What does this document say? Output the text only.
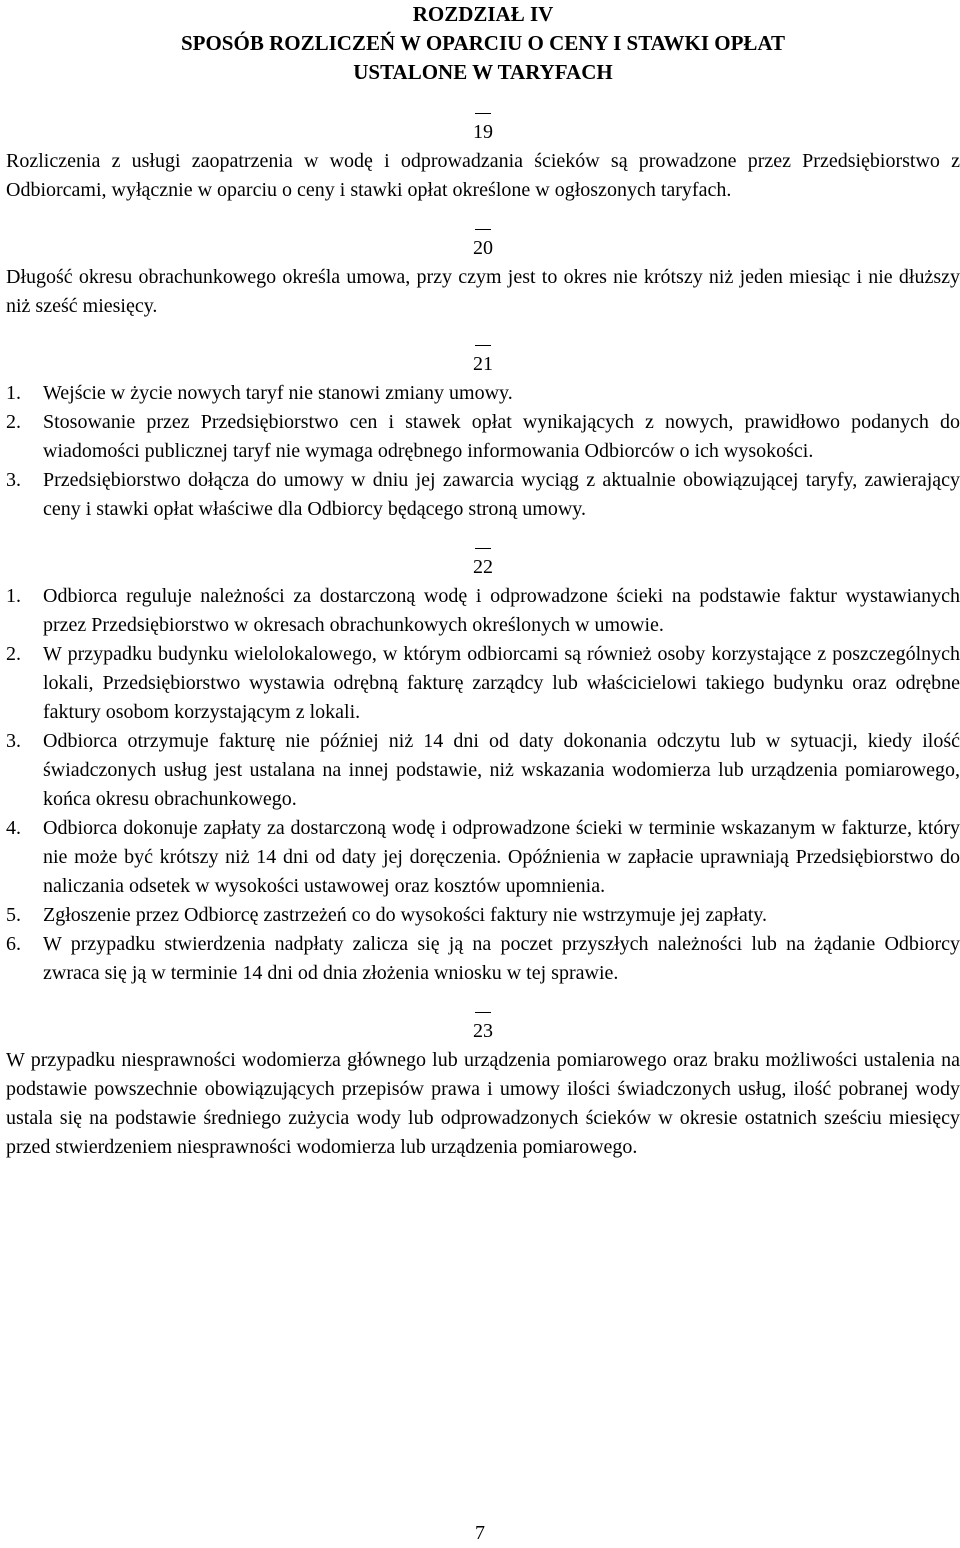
ROZDZIAŁ IV

SPOSÓB ROZLICZEŃ W OPARCIU O CENY I STAWKI OPŁAT

USTALONE W TARYFACH

19

Rozliczenia z usługi zaopatrzenia w wodę i odprowadzania ścieków są prowadzone przez Przedsiębiorstwo z Odbiorcami, wyłącznie w oparciu o ceny i stawki opłat określone w ogłoszonych taryfach.

20

Długość okresu obrachunkowego określa umowa, przy czym jest to okres nie krótszy niż jeden miesiąc i nie dłuższy niż sześć miesięcy.

21

1.	Wejście w życie nowych taryf nie stanowi zmiany umowy.
2.	Stosowanie przez Przedsiębiorstwo cen i stawek opłat wynikających z nowych, prawidłowo podanych do wiadomości publicznej taryf nie wymaga odrębnego informowania Odbiorców o ich wysokości.
3.	Przedsiębiorstwo dołącza do umowy w dniu jej zawarcia wyciąg z aktualnie obowiązującej taryfy, zawierający ceny i stawki opłat właściwe dla Odbiorcy będącego stroną umowy.

22

1.	Odbiorca reguluje należności za dostarczoną wodę i odprowadzone ścieki na podstawie faktur wystawianych przez Przedsiębiorstwo w okresach obrachunkowych określonych w umowie.
2.	W przypadku budynku wielolokalowego, w którym odbiorcami są również osoby korzystające z poszczególnych lokali, Przedsiębiorstwo wystawia odrębną fakturę zarządcy lub właścicielowi takiego budynku oraz odrębne faktury osobom korzystającym z lokali.
3.	Odbiorca otrzymuje fakturę nie później niż 14 dni od daty dokonania odczytu lub w sytuacji, kiedy ilość świadczonych usług jest ustalana na innej podstawie, niż wskazania wodomierza lub urządzenia pomiarowego, końca okresu obrachunkowego.
4.	Odbiorca dokonuje zapłaty za dostarczoną wodę i odprowadzone ścieki w terminie wskazanym w fakturze, który nie może być krótszy niż 14 dni od daty jej doręczenia. Opóźnienia w zapłacie uprawniają Przedsiębiorstwo do naliczania odsetek w wysokości ustawowej oraz kosztów upomnienia.
5.	Zgłoszenie przez Odbiorcę zastrzeżeń co do wysokości faktury nie wstrzymuje jej zapłaty.
6.	W przypadku stwierdzenia nadpłaty zalicza się ją na poczet przyszłych należności lub na żądanie Odbiorcy zwraca się ją w terminie 14 dni od dnia złożenia wniosku w tej sprawie.

23

W przypadku niesprawności wodomierza głównego lub urządzenia pomiarowego oraz braku możliwości ustalenia na podstawie powszechnie obowiązujących przepisów prawa i umowy ilości świadczonych usług, ilość pobranej wody ustala się na podstawie średniego zużycia wody lub odprowadzonych ścieków w okresie ostatnich sześciu miesięcy przed stwierdzeniem niesprawności wodomierza lub urządzenia pomiarowego.

7
